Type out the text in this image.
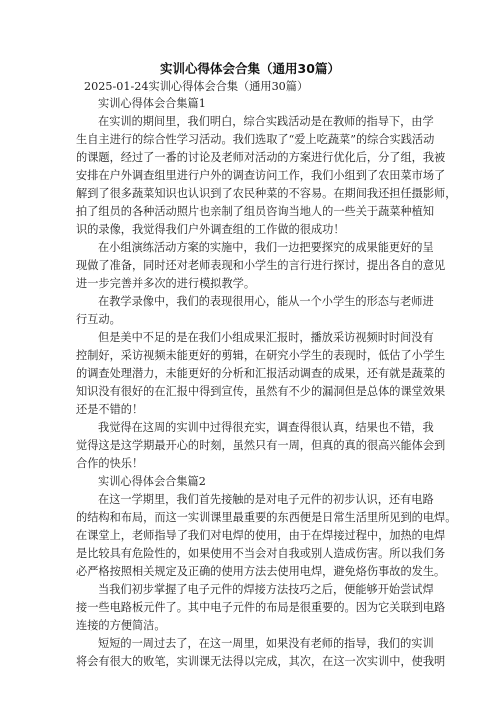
实训心得体会合集（通用30篇）
2025-01-24实训心得体会合集（通用30篇）
实训心得体会合集篇1
在实训的期间里，我们明白，综合实践活动是在教师的指导下，由学
生自主进行的综合性学习活动。我们选取了“爱上吃蔬菜”的综合实践活动
的课题，经过了一番的讨论及老师对活动的方案进行优化后，分了组，我被
安排在户外调查组里进行户外的调查访问工作，我们小组到了农田菜市场了
解到了很多蔬菜知识也认识到了农民种菜的不容易。在期间我还担任摄影师，
拍了组员的各种活动照片也亲制了组员咨询当地人的一些关于蔬菜种植知
识的录像，我觉得我们户外调查组的工作做的很成功！
在小组演练活动方案的实施中，我们一边把要探究的成果能更好的呈
现做了准备，同时还对老师表现和小学生的言行进行探讨，提出各自的意见
进一步完善并多次的进行模拟教学。
在教学录像中，我们的表现很用心，能从一个小学生的形态与老师进
行互动。
但是美中不足的是在我们小组成果汇报时，播放采访视频时时间没有
控制好，采访视频未能更好的剪辑，在研究小学生的表现时，低估了小学生
的调查处理潜力，未能更好的分析和汇报活动调查的成果，还有就是蔬菜的
知识没有很好的在汇报中得到宣传，虽然有不少的漏洞但是总体的课堂效果
还是不错的！
我觉得在这周的实训中过得很充实，调查得很认真，结果也不错，我
觉得这是这学期最开心的时刻，虽然只有一周，但真的真的很高兴能体会到
合作的快乐！
实训心得体会合集篇2
在这一学期里，我们首先接触的是对电子元件的初步认识，还有电路
的结构和布局，而这一实训课里最重要的东西便是日常生活里所见到的电焊。
在课堂上，老师指导了我们对电焊的使用，由于在焊接过程中，加热的电焊
是比较具有危险性的，如果使用不当会对自我或别人造成伤害。所以我们务
必严格按照相关规定及正确的使用方法去使用电焊，避免烙伤事故的发生。
当我们初步掌握了电子元件的焊接方法技巧之后，便能够开始尝试焊
接一些电路板元件了。其中电子元件的布局是很重要的。因为它关联到电路
连接的方便简洁。
短短的一周过去了，在这一周里，如果没有老师的指导，我们的实训
将会有很大的败笔，实训课无法得以完成，其次，在这一次实训中，使我明
